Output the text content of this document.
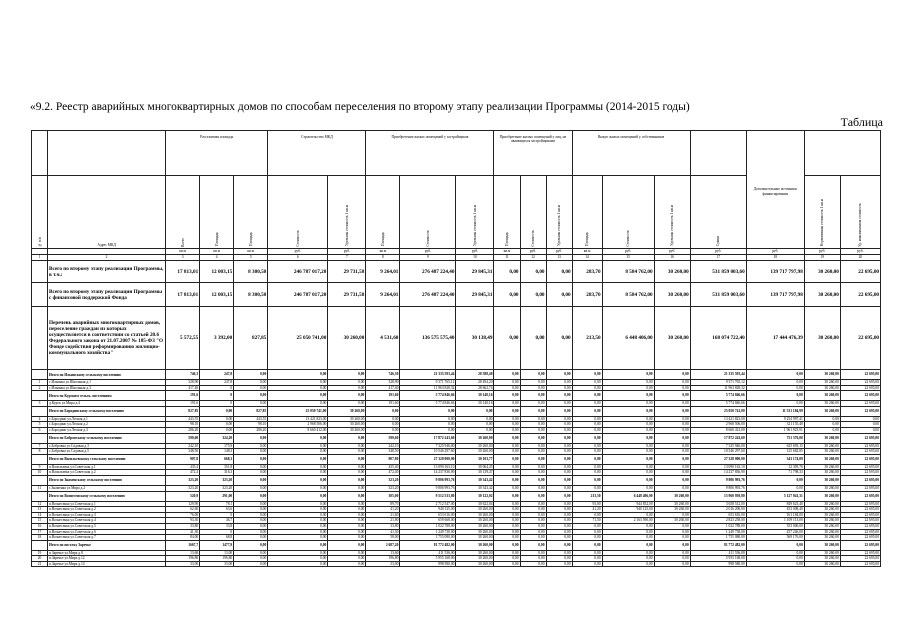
«9.2. Реестр аварийных многоквартирных домов по способам переселения по второму этапу реализации Программы (2014-2015 годы)
Таблица
		Расселяемая площадь			Строительство МКД		Приобретение жилых помещений у застройщиков			Приобретение жилых помещений у лиц, не являющихся застройщиками			Выкуп жилых помещений у собственников				Дополнительные источники финансирования		
№ п/п	Адрес МКД	Всего	Площадь	Площадь	Стоимость	Удельная стоимость 1 кв.м	Площадь	Стоимость	Удельная стоимость 1 кв.м	Площадь	Стоимость	Удельная стоимость 1 кв.м	Площадь	Стоимость	Удельная стоимость 1 кв.м	Сумма		Нормативная стоимость 1 кв.м	Уд. максимальная стоимость
		кв.м	кв.м	кв.м	руб.	руб.	кв.м	руб.	руб.	кв.м	руб.	руб.	кв.м	руб.	руб.	руб.	руб.	руб.	руб.
1	2	3	4	5	6	7	8	9	10	11	12	13	14	15	16	17	18	19	20
	Всего по второму этапу реализации Программы, в т.ч.:	17 813,01	12 003,15	8 300,50	246 787 017,20	29 731,58	9 264,01	276 487 224,40	29 845,31	0,00	0,00	0,00	283,70	8 584 762,00	30 260,00	531 859 003,60	139 717 797,98	30 260,00	22 695,00
	Всего по второму этапу реализации Программы с финансовой поддержкой Фонда	17 813,01	12 003,15	8 300,50	246 787 017,20	29 731,58	9 264,01	276 487 224,40	29 845,31	0,00	0,00	0,00	283,70	8 584 762,00	30 260,00	531 859 003,60	139 717 797,98	30 260,00	22 695,00
	Перечень аварийных многоквартирных домов, переселение граждан из которых осуществляется в соответствии со статьей 20.6 Федерального закона от 21.07.2007 № 185-ФЗ "О Фонде содействия реформированию жилищно-коммунального хозяйства"	5 572,55	3 392,00	827,85	25 050 741,00	30 260,00	4 531,60	136 575 575,40	30 138,49	0,00	0,00	0,00	213,50	6 448 406,00	30 260,00	168 074 722,40	17 444 476,39	30 260,00	22 695,00
	Итого по Ильинскому сельскому поселению	746,3	247,8	0,00	0,00	0,00	746,30	21 335 593,44	28 588,40	0,00	0,00	0,00	0,00	0,00	0,00	21 335 593,44	0,00	30 260,00	22 695,00
1	с.Ильинка ул.Школьная д.1	328,90	247,8	0,00	0,00	0,00	328,90	9 371 765,12	28 494,20	0,00	0,00	0,00	0,00	0,00	0,00	9 371 765,12	0,00	30 260,00	22 695,00
2	с.Ильинка ул.Школьная д.3	417,40	0	0,00	0,00	0,00	417,40	11 963 828,32	28 662,74	0,00	0,00	0,00	0,00	0,00	0,00	11 963 828,32	0,00	30 260,00	22 695,00
	Итого по Курским сельск. поселениям	191,6	0	0,00	0,00	0,00	191,60	5 774 846,66	30 140,16	0,00	0,00	0,00	0,00	0,00	0,00	5 774 846,66	0,00	30 260,00	22 695,00
3	д.Курск ул.Мира д.4	191,6	0	0,00	0,00	0,00	191,60	5 774 846,66	30 140,16	0,00	0,00	0,00	0,00	0,00	0,00	5 774 846,66	0,00	30 260,00	22 695,00
	Итого по Бородинскому сельскому поселению	827,85	0,00	827,85	25 050 741,00	30 260,00	0,00	0,00	0,00	0,00	0,00	0,00	0,00	0,00	0,00	25 050 741,00	11 531 184,99	30 260,00	22 695,00
4	с.Бородино ул.Лесная д.1	443,55	0,00	443,55	13 421 823,00	30 260,00	0,00	0,00	0,00	0,00	0,00	0,00	0,00	0,00	0,00	13 421 823,00	9 254 997,41	0,00	0,00
5	с.Бородино ул.Лесная д.2	98,10	0,00	98,10	2 968 506,00	30 260,00	0,00	0,00	0,00	0,00	0,00	0,00	0,00	0,00	0,00	2 968 506,00	321 155,48	0,00	0,00
6	с.Бородино ул.Лесная д.3	286,20	0,00	286,20	8 660 412,00	30 260,00	0,00	0,00	0,00	0,00	0,00	0,00	0,00	0,00	0,00	8 660 412,00	1 961 923,91	0,00	0,00
	Итого по Бобровскому сельскому поселению	590,60	324,20	0,00	0,00	0,00	590,60	17 872 243,60	30 260,00	0,00	0,00	0,00	0,00	0,00	0,00	17 872 243,60	751 376,00	30 260,00	22 695,00
7	с.Бобровка ул.Садовая д.3	242,10	175,9	0,00	0,00	0,00	242,10	7 325 946,00	30 260,00	0,00	0,00	0,00	0,00	0,00	0,00	7 325 946,00	625 693,15	30 260,00	22 695,00
8	с.Бобровка ул.Садовая д.5	348,50	148,3	0,00	0,00	0,00	348,50	10 546 297,60	30 260,00	0,00	0,00	0,00	0,00	0,00	0,00	10 546 297,60	125 682,85	30 260,00	22 695,00
	Итого по Васильевскому сельскому поселению	907,8	668,1	0,00	0,00	0,00	907,80	27 328 000,00	30 103,77	0,00	0,00	0,00	0,00	0,00	0,00	27 328 000,00	343 174,09	30 260,00	22 695,00
9	п.Васильевка ул.Советская д.1	435,4	351,8	0,00	0,00	0,00	435,40	13 090 163,10	30 064,45	0,00	0,00	0,00	0,00	0,00	0,00	13 090 163,10	12 395,76	30 260,00	22 695,00
10	п.Васильевка ул.Советская д.2	472,4	316,3	0,00	0,00	0,00	472,40	14 237 836,90	30 139,47	0,00	0,00	0,00	0,00	0,00	0,00	14 237 836,90	71 798,33	30 260,00	22 695,00
	Итого по Знаменскому сельскому поселению	323,20	323,20	0,00	0,00	0,00	323,20	9 806 993,76	30 343,42	0,00	0,00	0,00	0,00	0,00	0,00	9 806 993,76	0,00	30 260,00	22 695,00
11	с.Знаменка ул.Мира д.2	323,20	323,20	0,00	0,00	0,00	323,20	9 806 993,76	30 343,42	0,00	0,00	0,00	0,00	0,00	0,00	9 806 993,76	0,00	30 260,00	22 695,00
	Итого по Вознесенскому сельскому поселению	520,9	291,00	0,00	0,00	0,00	305,00	9 512 533,80	30 122,02	0,00	0,00	0,00	213,50	6 448 406,00	30 260,00	15 960 939,80	5 127 941,31	30 260,00	22 695,00
12	п.Вознесенка ул.Советская д.1	129,90	78,1	0,00	0,00	0,00	89,70	2 712 547,00	30 622,04	0,00	0,00	0,00	93,00	944 832,00	30 260,00	3 658 512,00	849 623,40	30 260,00	22 695,00
13	п.Вознесенка ул.Советская д.2	62,60	63,6	0,00	0,00	0,00	41,20	940 125,00	30 260,00	0,00	0,00	0,00	41,20	940 125,00	30 260,00	2 016 200,00	453 008,40	30 260,00	22 695,00
14	п.Вознесенка ул.Советская д.3	76,00	0	0,00	0,00	0,00	21,60	653 616,00	30 260,00	0,00	0,00	0,00	0,00	0,00	0,00	653 616,00	161 184,00	30 260,00	22 695,00
15	п.Вознесенка ул.Советская д.4	93,30	46,7	0,00	0,00	0,00	21,80	659 668,00	30 260,00	0,00	0,00	0,00	71,50	2 163 590,00	30 260,00	2 823 258,00	1 109 113,00	30 260,00	22 695,00
16	п.Вознесенка ул.Советская д.5	33,80	33,8	0,00	0,00	0,00	33,80	1 022 788,00	30 260,00	0,00	0,00	0,00	0,00	0,00	0,00	1 022 788,00	353 006,00	30 260,00	22 695,00
17	п.Вознесенка ул.Советская д.6	41,30	0	0,00	0,00	0,00	41,30	1 249 738,00	30 260,00	0,00	0,00	0,00	0,00	0,00	0,00	1 249 738,00	457 246,00	30 260,00	22 695,00
18	п.Вознесенка ул.Советская д.7	84,00	68,8	0,00	0,00	0,00	58,00	1 755 080,00	30 260,00	0,00	0,00	0,00	0,00	0,00	0,00	1 755 080,00	569 176,00	30 260,00	22 695,00
	Итого по поселку Заречье	1667,7	1477,9	0,00	0,00	0,00	2 687,20	81 772 482,00	30 260,00	0,00	0,00	0,00	0,00	0,00	0,00	81 772 482,00	0,00	30 260,00	22 695,00
19	п.Заречье ул.Мира д.8	13,60	13,00	0,00	0,00	0,00	13,60	411 536,00	30 260,00	0,00	0,00	0,00	0,00	0,00	0,00	411 536,00	0,00	30 260,00	22 695,00
20	п.Заречье ул.Мира д.12	196,80	196,80	0,00	0,00	0,00	196,80	5 955 168,00	30 260,00	0,00	0,00	0,00	0,00	0,00	0,00	5 955 168,00	0,00	30 260,00	22 695,00
21	п.Заречье ул.Мира д.14	33,00	33,00	0,00	0,00	0,00	33,00	998 580,00	30 260,00	0,00	0,00	0,00	0,00	0,00	0,00	998 580,00	0,00	30 260,00	22 695,00
